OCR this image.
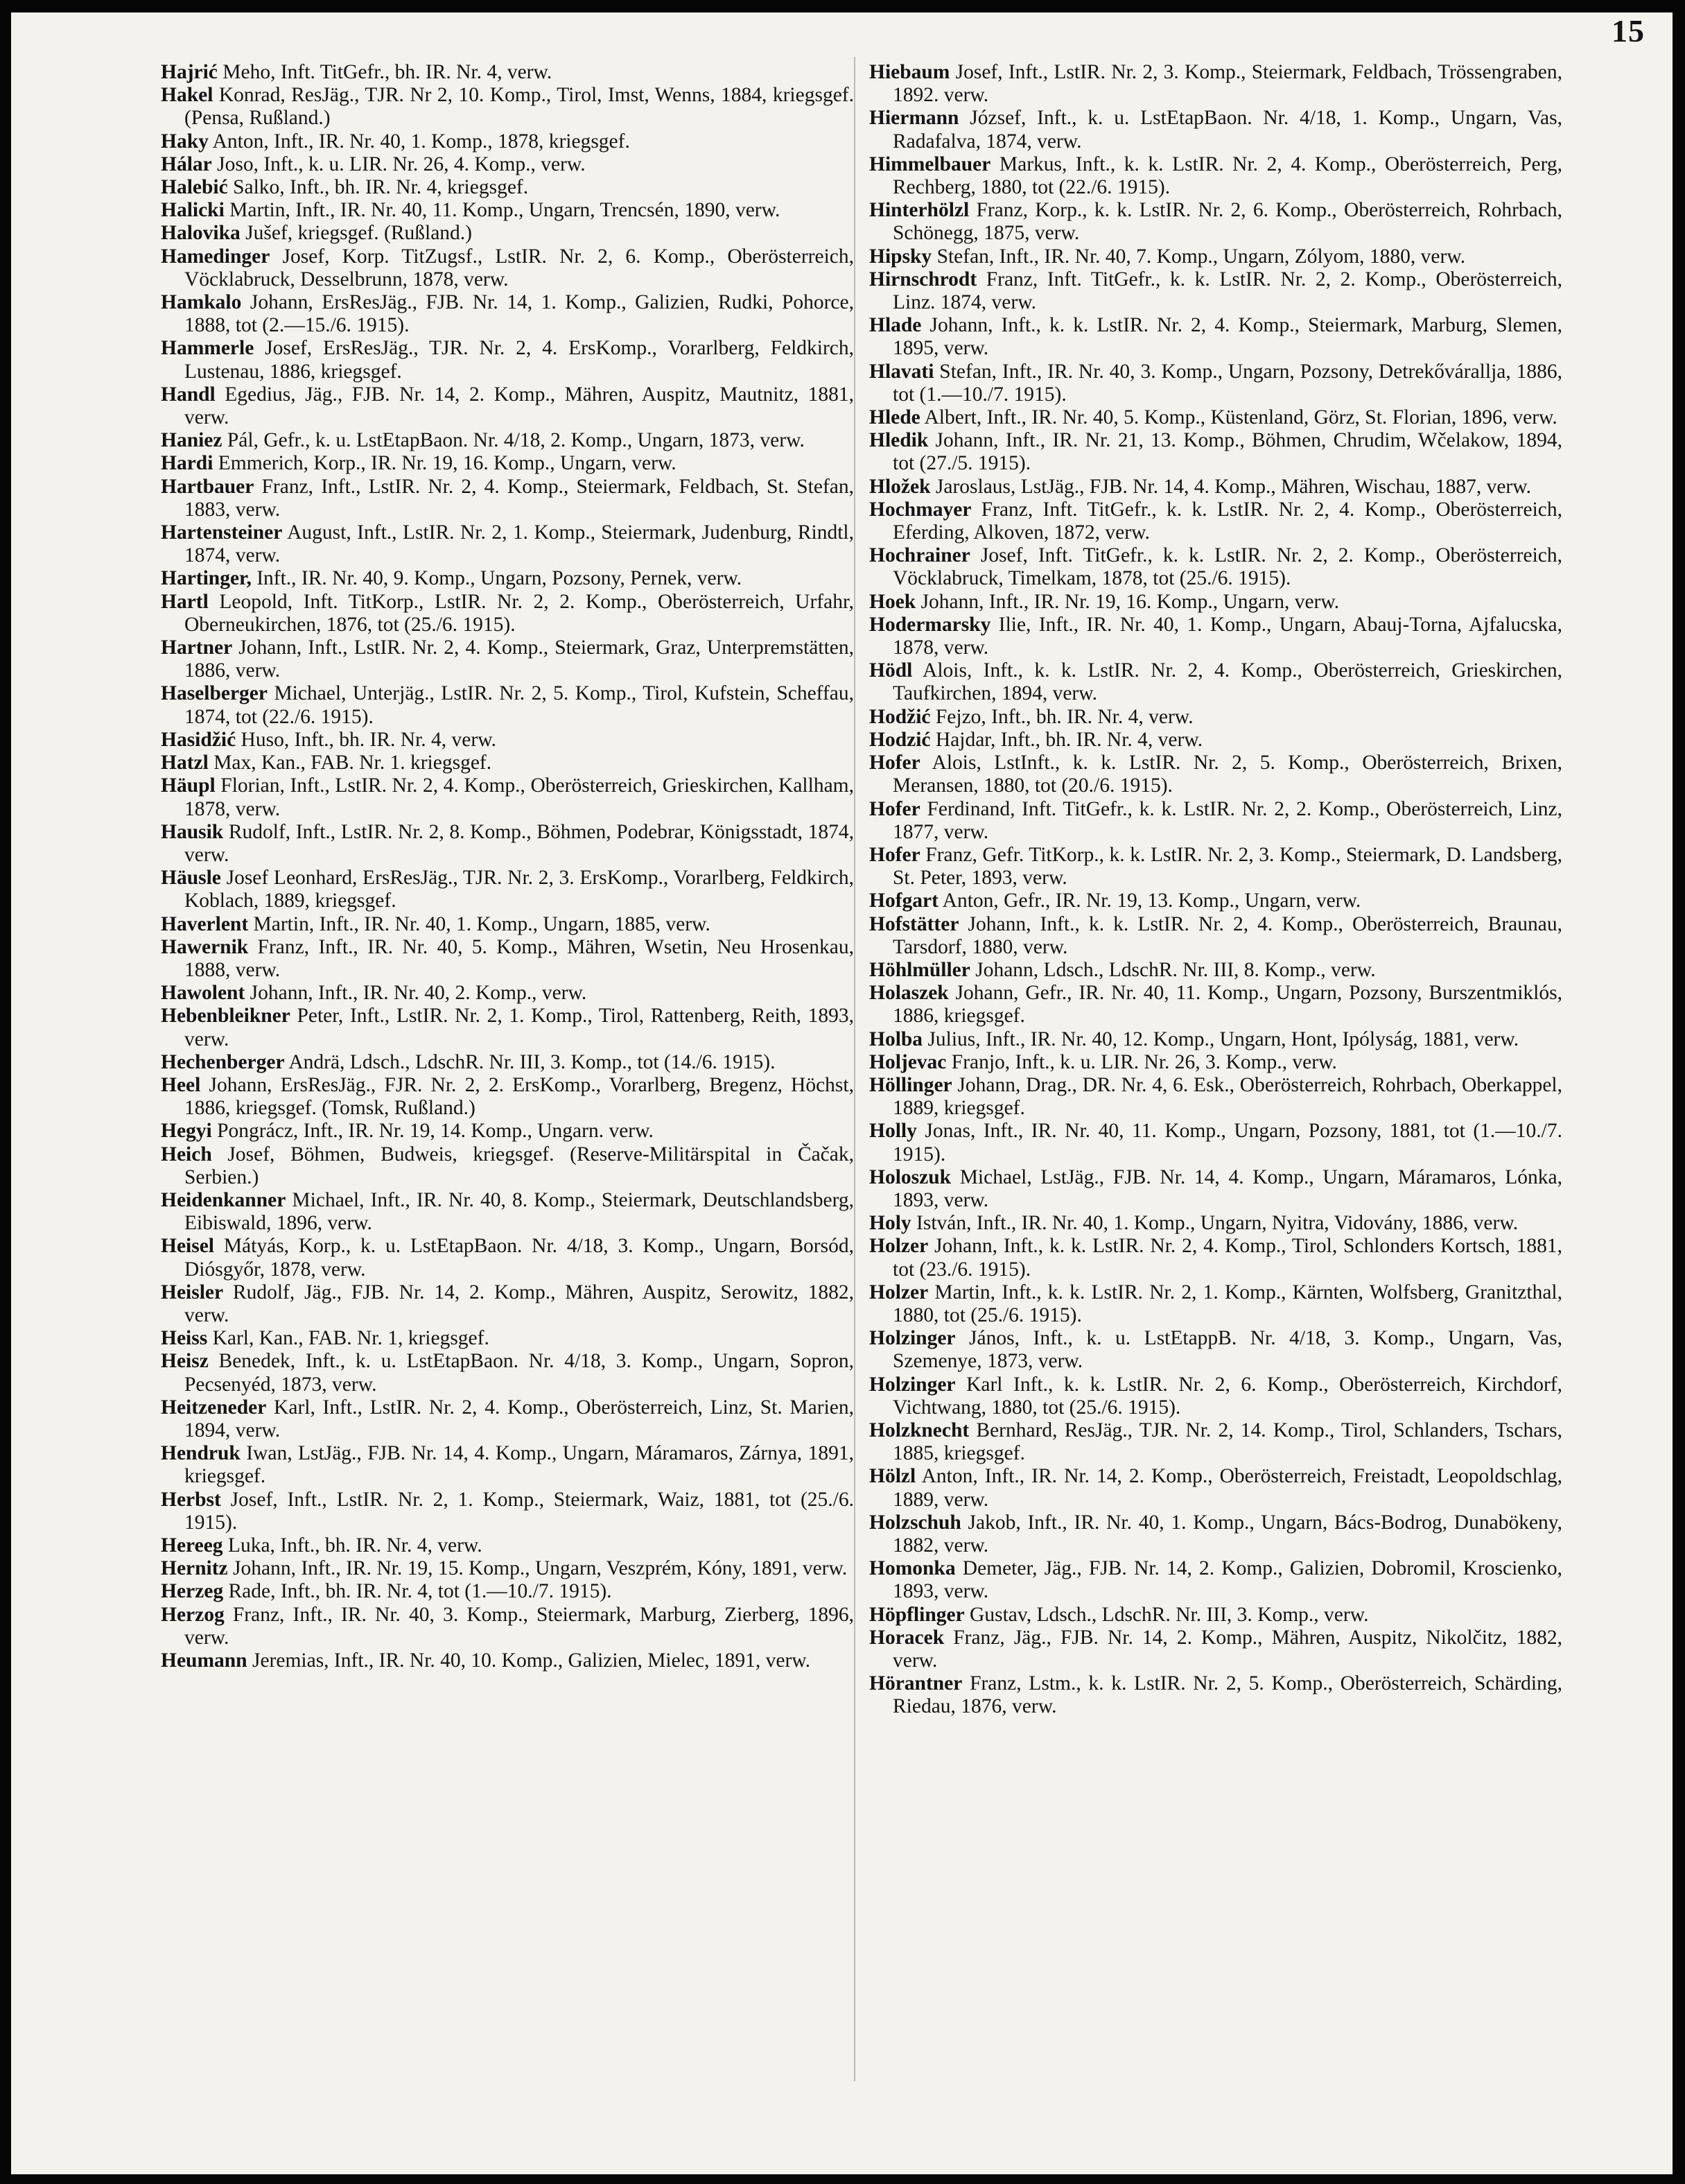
15

Hajrić Meho, Inft. TitGefr., bh. IR. Nr. 4, verw.

Hakel Konrad, ResJäg., TJR. Nr 2, 10. Komp., Tirol, Imst, Wenns, 1884, kriegsgef. (Pensa, Rußland.)

Haky Anton, Inft., IR. Nr. 40, 1. Komp., 1878, kriegsgef.

Hálar Joso, Inft., k. u. LIR. Nr. 26, 4. Komp., verw.

Halebić Salko, Inft., bh. IR. Nr. 4, kriegsgef.

Halicki Martin, Inft., IR. Nr. 40, 11. Komp., Ungarn, Trencsén, 1890, verw.

Halovika Jušef, kriegsgef. (Rußland.)

Hamedinger Josef, Korp. TitZugsf., LstIR. Nr. 2, 6. Komp., Oberösterreich, Vöcklabruck, Desselbrunn, 1878, verw.

Hamkalo Johann, ErsResJäg., FJB. Nr. 14, 1. Komp., Galizien, Rudki, Pohorce, 1888, tot (2.—15./6. 1915).

Hammerle Josef, ErsResJäg., TJR. Nr. 2, 4. ErsKomp., Vorarlberg, Feldkirch, Lustenau, 1886, kriegsgef.

Handl Egedius, Jäg., FJB. Nr. 14, 2. Komp., Mähren, Auspitz, Mautnitz, 1881, verw.

Haniez Pál, Gefr., k. u. LstEtapBaon. Nr. 4/18, 2. Komp., Ungarn, 1873, verw.

Hardi Emmerich, Korp., IR. Nr. 19, 16. Komp., Ungarn, verw.

Hartbauer Franz, Inft., LstIR. Nr. 2, 4. Komp., Steiermark, Feldbach, St. Stefan, 1883, verw.

Hartensteiner August, Inft., LstIR. Nr. 2, 1. Komp., Steiermark, Judenburg, Rindtl, 1874, verw.

Hartinger, Inft., IR. Nr. 40, 9. Komp., Ungarn, Pozsony, Pernek, verw.

Hartl Leopold, Inft. TitKorp., LstIR. Nr. 2, 2. Komp., Oberösterreich, Urfahr, Oberneukirchen, 1876, tot (25./6. 1915).

Hartner Johann, Inft., LstIR. Nr. 2, 4. Komp., Steiermark, Graz, Unterpremstätten, 1886, verw.

Haselberger Michael, Unterjäg., LstIR. Nr. 2, 5. Komp., Tirol, Kufstein, Scheffau, 1874, tot (22./6. 1915).

Hasidžić Huso, Inft., bh. IR. Nr. 4, verw.

Hatzl Max, Kan., FAB. Nr. 1. kriegsgef.

Häupl Florian, Inft., LstIR. Nr. 2, 4. Komp., Oberösterreich, Grieskirchen, Kallham, 1878, verw.

Hausik Rudolf, Inft., LstIR. Nr. 2, 8. Komp., Böhmen, Podebrar, Königsstadt, 1874, verw.

Häusle Josef Leonhard, ErsResJäg., TJR. Nr. 2, 3. ErsKomp., Vorarlberg, Feldkirch, Koblach, 1889, kriegsgef.

Haverlent Martin, Inft., IR. Nr. 40, 1. Komp., Ungarn, 1885, verw.

Hawernik Franz, Inft., IR. Nr. 40, 5. Komp., Mähren, Wsetin, Neu Hrosenkau, 1888, verw.

Hawolent Johann, Inft., IR. Nr. 40, 2. Komp., verw.

Hebenbleikner Peter, Inft., LstIR. Nr. 2, 1. Komp., Tirol, Rattenberg, Reith, 1893, verw.

Hechenberger Andrä, Ldsch., LdschR. Nr. III, 3. Komp., tot (14./6. 1915).

Heel Johann, ErsResJäg., FJR. Nr. 2, 2. ErsKomp., Vorarlberg, Bregenz, Höchst, 1886, kriegsgef. (Tomsk, Rußland.)

Hegyi Pongrácz, Inft., IR. Nr. 19, 14. Komp., Ungarn. verw.

Heich Josef, Böhmen, Budweis, kriegsgef. (Reserve-Militärspital in Čačak, Serbien.)

Heidenkanner Michael, Inft., IR. Nr. 40, 8. Komp., Steiermark, Deutschlandsberg, Eibiswald, 1896, verw.

Heisel Mátyás, Korp., k. u. LstEtapBaon. Nr. 4/18, 3. Komp., Ungarn, Borsód, Diósgyőr, 1878, verw.

Heisler Rudolf, Jäg., FJB. Nr. 14, 2. Komp., Mähren, Auspitz, Serowitz, 1882, verw.

Heiss Karl, Kan., FAB. Nr. 1, kriegsgef.

Heisz Benedek, Inft., k. u. LstEtapBaon. Nr. 4/18, 3. Komp., Ungarn, Sopron, Pecsenyéd, 1873, verw.

Heitzeneder Karl, Inft., LstIR. Nr. 2, 4. Komp., Oberösterreich, Linz, St. Marien, 1894, verw.

Hendruk Iwan, LstJäg., FJB. Nr. 14, 4. Komp., Ungarn, Máramaros, Zárnya, 1891, kriegsgef.

Herbst Josef, Inft., LstIR. Nr. 2, 1. Komp., Steiermark, Waiz, 1881, tot (25./6. 1915).

Hereeg Luka, Inft., bh. IR. Nr. 4, verw.

Hernitz Johann, Inft., IR. Nr. 19, 15. Komp., Ungarn, Veszprém, Kóny, 1891, verw.

Herzeg Rade, Inft., bh. IR. Nr. 4, tot (1.—10./7. 1915).

Herzog Franz, Inft., IR. Nr. 40, 3. Komp., Steiermark, Marburg, Zierberg, 1896, verw.

Heumann Jeremias, Inft., IR. Nr. 40, 10. Komp., Galizien, Mielec, 1891, verw.

Hiebaum Josef, Inft., LstIR. Nr. 2, 3. Komp., Steiermark, Feldbach, Trössengraben, 1892. verw.

Hiermann József, Inft., k. u. LstEtapBaon. Nr. 4/18, 1. Komp., Ungarn, Vas, Radafalva, 1874, verw.

Himmelbauer Markus, Inft., k. k. LstIR. Nr. 2, 4. Komp., Oberösterreich, Perg, Rechberg, 1880, tot (22./6. 1915).

Hinterhölzl Franz, Korp., k. k. LstIR. Nr. 2, 6. Komp., Oberösterreich, Rohrbach, Schönegg, 1875, verw.

Hipsky Stefan, Inft., IR. Nr. 40, 7. Komp., Ungarn, Zólyom, 1880, verw.

Hirnschrodt Franz, Inft. TitGefr., k. k. LstIR. Nr. 2, 2. Komp., Oberösterreich, Linz. 1874, verw.

Hlade Johann, Inft., k. k. LstIR. Nr. 2, 4. Komp., Steiermark, Marburg, Slemen, 1895, verw.

Hlavati Stefan, Inft., IR. Nr. 40, 3. Komp., Ungarn, Pozsony, Detrekővárallja, 1886, tot (1.—10./7. 1915).

Hlede Albert, Inft., IR. Nr. 40, 5. Komp., Küstenland, Görz, St. Florian, 1896, verw.

Hledik Johann, Inft., IR. Nr. 21, 13. Komp., Böhmen, Chrudim, Wčelakow, 1894, tot (27./5. 1915).

Hložek Jaroslaus, LstJäg., FJB. Nr. 14, 4. Komp., Mähren, Wischau, 1887, verw.

Hochmayer Franz, Inft. TitGefr., k. k. LstIR. Nr. 2, 4. Komp., Oberösterreich, Eferding, Alkoven, 1872, verw.

Hochrainer Josef, Inft. TitGefr., k. k. LstIR. Nr. 2, 2. Komp., Oberösterreich, Vöcklabruck, Timelkam, 1878, tot (25./6. 1915).

Hoek Johann, Inft., IR. Nr. 19, 16. Komp., Ungarn, verw.

Hodermarsky Ilie, Inft., IR. Nr. 40, 1. Komp., Ungarn, Abauj-Torna, Ajfalucska, 1878, verw.

Hödl Alois, Inft., k. k. LstIR. Nr. 2, 4. Komp., Oberösterreich, Grieskirchen, Taufkirchen, 1894, verw.

Hodžić Fejzo, Inft., bh. IR. Nr. 4, verw.

Hodzić Hajdar, Inft., bh. IR. Nr. 4, verw.

Hofer Alois, LstInft., k. k. LstIR. Nr. 2, 5. Komp., Oberösterreich, Brixen, Meransen, 1880, tot (20./6. 1915).

Hofer Ferdinand, Inft. TitGefr., k. k. LstIR. Nr. 2, 2. Komp., Oberösterreich, Linz, 1877, verw.

Hofer Franz, Gefr. TitKorp., k. k. LstIR. Nr. 2, 3. Komp., Steiermark, D. Landsberg, St. Peter, 1893, verw.

Hofgart Anton, Gefr., IR. Nr. 19, 13. Komp., Ungarn, verw.

Hofstätter Johann, Inft., k. k. LstIR. Nr. 2, 4. Komp., Oberösterreich, Braunau, Tarsdorf, 1880, verw.

Höhlmüller Johann, Ldsch., LdschR. Nr. III, 8. Komp., verw.

Holaszek Johann, Gefr., IR. Nr. 40, 11. Komp., Ungarn, Pozsony, Burszentmiklós, 1886, kriegsgef.

Holba Julius, Inft., IR. Nr. 40, 12. Komp., Ungarn, Hont, Ipólyság, 1881, verw.

Holjevac Franjo, Inft., k. u. LIR. Nr. 26, 3. Komp., verw.

Höllinger Johann, Drag., DR. Nr. 4, 6. Esk., Oberösterreich, Rohrbach, Oberkappel, 1889, kriegsgef.

Holly Jonas, Inft., IR. Nr. 40, 11. Komp., Ungarn, Pozsony, 1881, tot (1.—10./7. 1915).

Holoszuk Michael, LstJäg., FJB. Nr. 14, 4. Komp., Ungarn, Máramaros, Lónka, 1893, verw.

Holy István, Inft., IR. Nr. 40, 1. Komp., Ungarn, Nyitra, Vidovány, 1886, verw.

Holzer Johann, Inft., k. k. LstIR. Nr. 2, 4. Komp., Tirol, Schlonders Kortsch, 1881, tot (23./6. 1915).

Holzer Martin, Inft., k. k. LstIR. Nr. 2, 1. Komp., Kärnten, Wolfsberg, Granitzthal, 1880, tot (25./6. 1915).

Holzinger János, Inft., k. u. LstEtappB. Nr. 4/18, 3. Komp., Ungarn, Vas, Szemenye, 1873, verw.

Holzinger Karl Inft., k. k. LstIR. Nr. 2, 6. Komp., Oberösterreich, Kirchdorf, Vichtwang, 1880, tot (25./6. 1915).

Holzknecht Bernhard, ResJäg., TJR. Nr. 2, 14. Komp., Tirol, Schlanders, Tschars, 1885, kriegsgef.

Hölzl Anton, Inft., IR. Nr. 14, 2. Komp., Oberösterreich, Freistadt, Leopoldschlag, 1889, verw.

Holzschuh Jakob, Inft., IR. Nr. 40, 1. Komp., Ungarn, Bács-Bodrog, Dunabökeny, 1882, verw.

Homonka Demeter, Jäg., FJB. Nr. 14, 2. Komp., Galizien, Dobromil, Kroscienko, 1893, verw.

Höpflinger Gustav, Ldsch., LdschR. Nr. III, 3. Komp., verw.

Horacek Franz, Jäg., FJB. Nr. 14, 2. Komp., Mähren, Auspitz, Nikolčitz, 1882, verw.

Hörantner Franz, Lstm., k. k. LstIR. Nr. 2, 5. Komp., Oberösterreich, Schärding, Riedau, 1876, verw.
